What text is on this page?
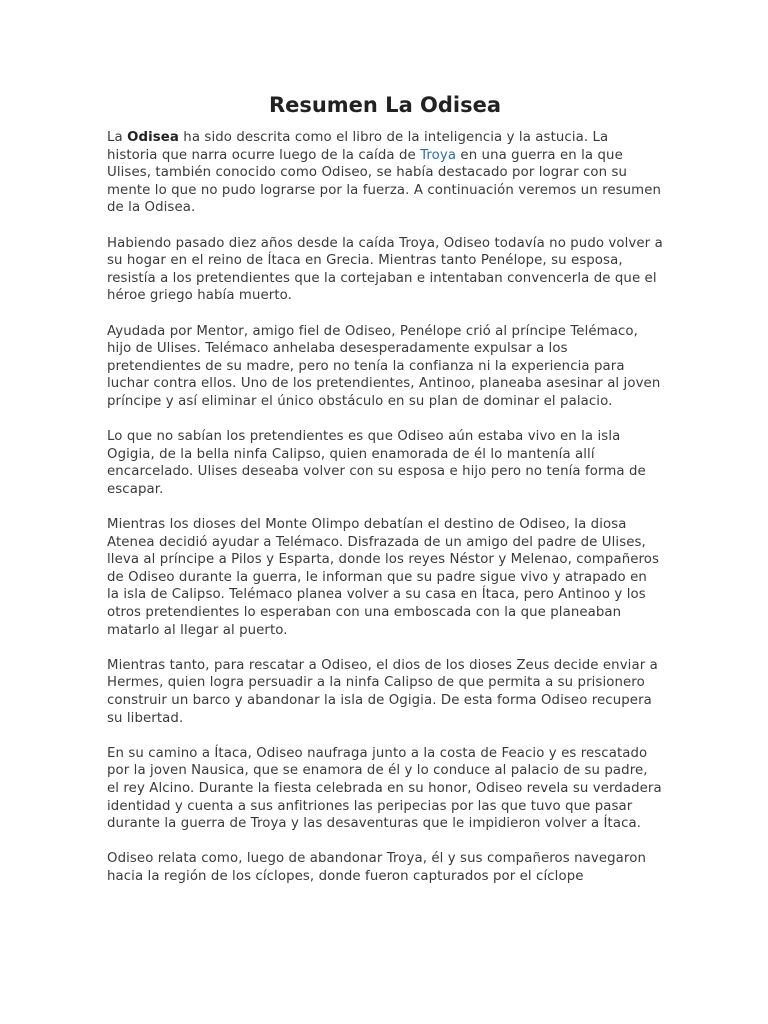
Resumen La Odisea

La Odisea ha sido descrita como el libro de la inteligencia y la astucia. La historia que narra ocurre luego de la caída de Troya en una guerra en la que Ulises, también conocido como Odiseo, se había destacado por lograr con su mente lo que no pudo lograrse por la fuerza. A continuación veremos un resumen de la Odisea.

Habiendo pasado diez años desde la caída Troya, Odiseo todavía no pudo volver a su hogar en el reino de Ítaca en Grecia. Mientras tanto Penélope, su esposa, resistía a los pretendientes que la cortejaban e intentaban convencerla de que el héroe griego había muerto.

Ayudada por Mentor, amigo fiel de Odiseo, Penélope crió al príncipe Telémaco, hijo de Ulises. Telémaco anhelaba desesperadamente expulsar a los pretendientes de su madre, pero no tenía la confianza ni la experiencia para luchar contra ellos. Uno de los pretendientes, Antinoo, planeaba asesinar al joven príncipe y así eliminar el único obstáculo en su plan de dominar el palacio.

Lo que no sabían los pretendientes es que Odiseo aún estaba vivo en la isla Ogigia, de la bella ninfa Calipso, quien enamorada de él lo mantenía allí encarcelado. Ulises deseaba volver con su esposa e hijo pero no tenía forma de escapar.

Mientras los dioses del Monte Olimpo debatían el destino de Odiseo, la diosa Atenea decidió ayudar a Telémaco. Disfrazada de un amigo del padre de Ulises, lleva al príncipe a Pilos y Esparta, donde los reyes Néstor y Melenao, compañeros de Odiseo durante la guerra, le informan que su padre sigue vivo y atrapado en la isla de Calipso. Telémaco planea volver a su casa en Ítaca, pero Antinoo y los otros pretendientes lo esperaban con una emboscada con la que planeaban matarlo al llegar al puerto.

Mientras tanto, para rescatar a Odiseo, el dios de los dioses Zeus decide enviar a Hermes, quien logra persuadir a la ninfa Calipso de que permita a su prisionero construir un barco y abandonar la isla de Ogigia. De esta forma Odiseo recupera su libertad.

En su camino a Ítaca, Odiseo naufraga junto a la costa de Feacio y es rescatado por la joven Nausica, que se enamora de él y lo conduce al palacio de su padre, el rey Alcino. Durante la fiesta celebrada en su honor, Odiseo revela su verdadera identidad y cuenta a sus anfitriones las peripecias por las que tuvo que pasar durante la guerra de Troya y las desaventuras que le impidieron volver a Ítaca.

Odiseo relata como, luego de abandonar Troya, él y sus compañeros navegaron hacia la región de los cíclopes, donde fueron capturados por el cíclope
